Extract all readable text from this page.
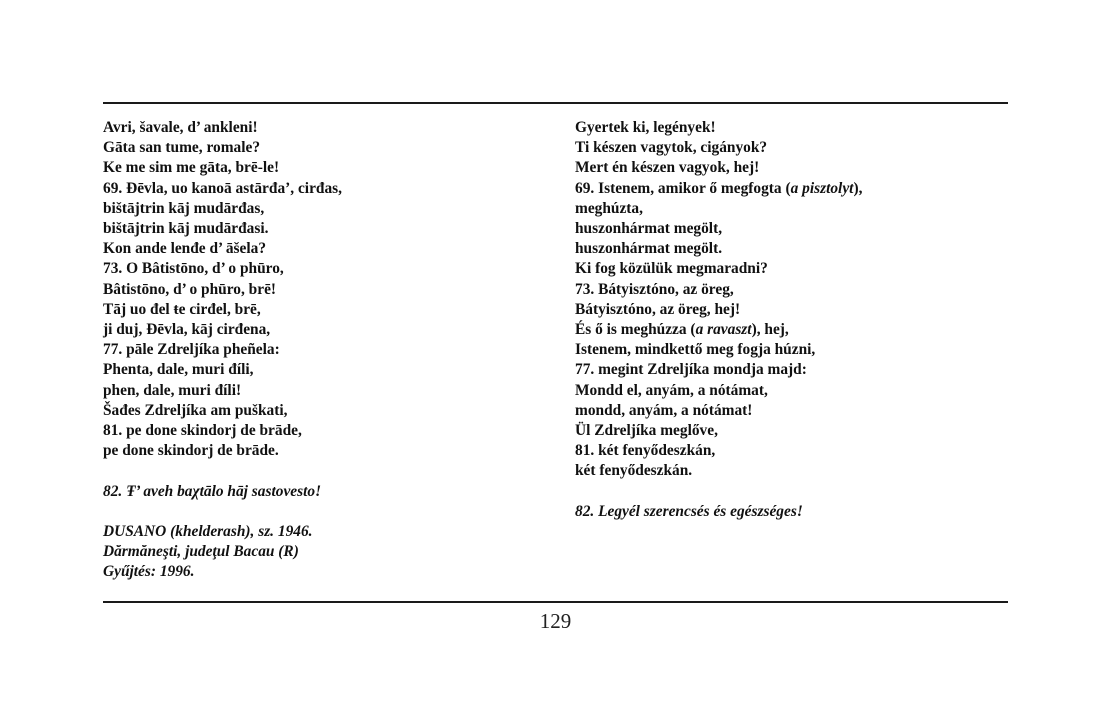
Avri, šavale, d’ ankleni!
Gāta san tume, romale?
Ke me sim me gāta, brē-le!
69. Đēvla, uo kanoā astārđa’, cirđas,
bištājtrin kāj mudārđas,
bištājtrin kāj mudārđasi.
Kon ande lenđe d’ āšela?
73. O Bâtistōno, d’ o phūro,
Bâtistōno, d’ o phūro, brē!
Tāj uo đel ŧe cirđel, brē,
ji duj, Đēvla, kāj cirđena,
77. pāle Zdreljíka pheñela:
Phenta, dale, muri đíli,
phen, dale, muri đíli!
Šađes Zdreljíka am puškati,
81. pe done skindorj de brāde,
pe done skindorj de brāde.
82. Ŧ’ aveh baχtālo hāj sastovesto!
DUSANO (khelderash), sz. 1946.
Dărmăneşti, judeţul Bacau (R)
Gyűjtés: 1996.
Gyertek ki, legények!
Ti készen vagytok, cigányok?
Mert én készen vagyok, hej!
69. Istenem, amikor ő megfogta (a pisztolyt),
meghúzta,
huszonhármat megölt,
huszonhármat megölt.
Ki fog közülük megmaradni?
73. Bátyisztóno, az öreg,
Bátyisztóno, az öreg, hej!
És ő is meghúzza (a ravaszt), hej,
Istenem, mindkettő meg fogja húzni,
77. megint Zdreljíka mondja majd:
Mondd el, anyám, a nótámat,
mondd, anyám, a nótámat!
Ül Zdreljíka meglőve,
81. két fenyődeszkán,
két fenyődeszkán.
82. Legyél szerencsés és egészséges!
129
